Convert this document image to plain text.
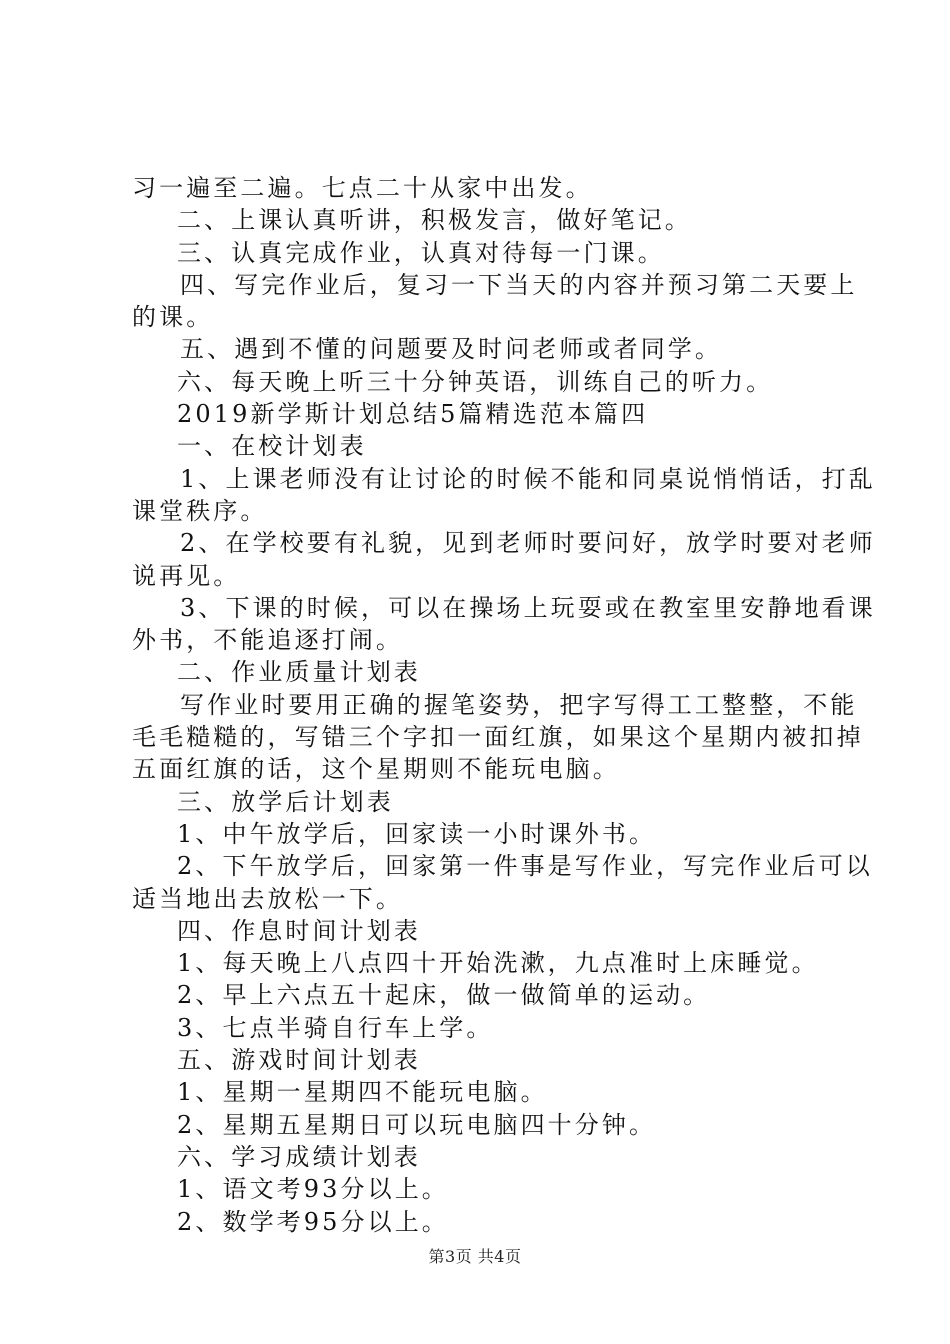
习一遍至二遍。七点二十从家中出发。

二、上课认真听讲，积极发言，做好笔记。

三、认真完成作业，认真对待每一门课。

四、写完作业后，复习一下当天的内容并预习第二天要上

的课。

五、遇到不懂的问题要及时问老师或者同学。

六、每天晚上听三十分钟英语，训练自己的听力。

2019新学斯计划总结5篇精选范本篇四

一、在校计划表

1、上课老师没有让讨论的时候不能和同桌说悄悄话，打乱

课堂秩序。

2、在学校要有礼貌，见到老师时要问好，放学时要对老师

说再见。

3、下课的时候，可以在操场上玩耍或在教室里安静地看课

外书，不能追逐打闹。

二、作业质量计划表

写作业时要用正确的握笔姿势，把字写得工工整整，不能

毛毛糙糙的，写错三个字扣一面红旗，如果这个星期内被扣掉

五面红旗的话，这个星期则不能玩电脑。

三、放学后计划表

1、中午放学后，回家读一小时课外书。

2、下午放学后，回家第一件事是写作业，写完作业后可以

适当地出去放松一下。

四、作息时间计划表

1、每天晚上八点四十开始洗漱，九点准时上床睡觉。

2、早上六点五十起床，做一做简单的运动。

3、七点半骑自行车上学。

五、游戏时间计划表

1、星期一星期四不能玩电脑。

2、星期五星期日可以玩电脑四十分钟。

六、学习成绩计划表

1、语文考93分以上。

2、数学考95分以上。

第3页 共4页
